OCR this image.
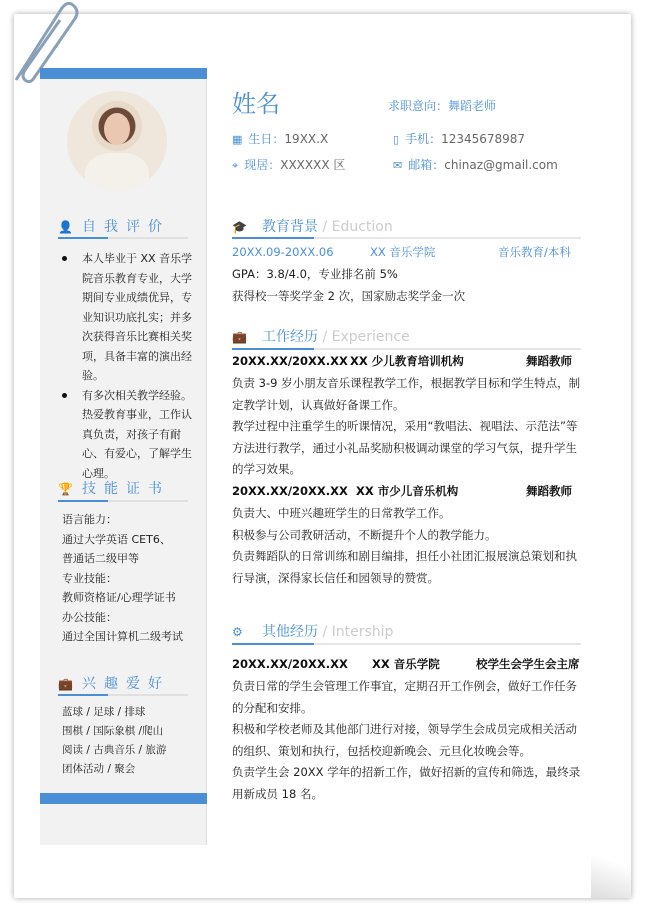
👤 自我评价
本人毕业于 XX 音乐学院音乐教育专业，大学期间专业成绩优异，专业知识功底扎实；并多次获得音乐比赛相关奖项，具备丰富的演出经验。
有多次相关教学经验。热爱教育事业，工作认真负责，对孩子有耐心、有爱心，了解学生心理。
🏆 技能证书
语言能力：
通过大学英语 CET6、
普通话二级甲等
专业技能：
教师资格证/心理学证书
办公技能：
通过全国计算机二级考试
💼 兴趣爱好
蓝球 / 足球 / 排球
围棋 / 国际象棋 /爬山
阅读 / 古典音乐 / 旅游
团体活动 / 聚会
姓名	求职意向：舞蹈老师
▦ 生日：19XX.X	▯ 手机：12345678987
⌖ 现居：XXXXXX 区	✉ 邮箱：chinaz@gmail.com
🎓 教育背景 / Eduction
20XX.09-20XX.06	XX 音乐学院	音乐教育/本科
GPA：3.8/4.0，专业排名前 5%
获得校一等奖学金 2 次，国家励志奖学金一次
💼 工作经历 / Experience
20XX.XX/20XX.XX XX 少儿教育培训机构	舞蹈教师
负责 3-9 岁小朋友音乐课程教学工作，根据教学目标和学生特点，制定教学计划，认真做好备课工作。
教学过程中注重学生的听课情况，采用“教唱法、视唱法、示范法”等方法进行教学，通过小礼品奖励积极调动课堂的学习气氛，提升学生的学习效果。
20XX.XX/20XX.XX XX 市少儿音乐机构	舞蹈教师
负责大、中班兴趣班学生的日常教学工作。
积极参与公司教研活动，不断提升个人的教学能力。
负责舞蹈队的日常训练和剧目编排，担任小社团汇报展演总策划和执行导演，深得家长信任和园领导的赞赏。
⚙ 其他经历 / Intership
20XX.XX/20XX.XX	XX 音乐学院	校学生会学生会主席
负责日常的学生会管理工作事宜，定期召开工作例会，做好工作任务的分配和安排。
积极和学校老师及其他部门进行对接，领导学生会成员完成相关活动的组织、策划和执行，包括校迎新晚会、元旦化妆晚会等。
负责学生会 20XX 学年的招新工作，做好招新的宣传和筛选，最终录用新成员 18 名。
